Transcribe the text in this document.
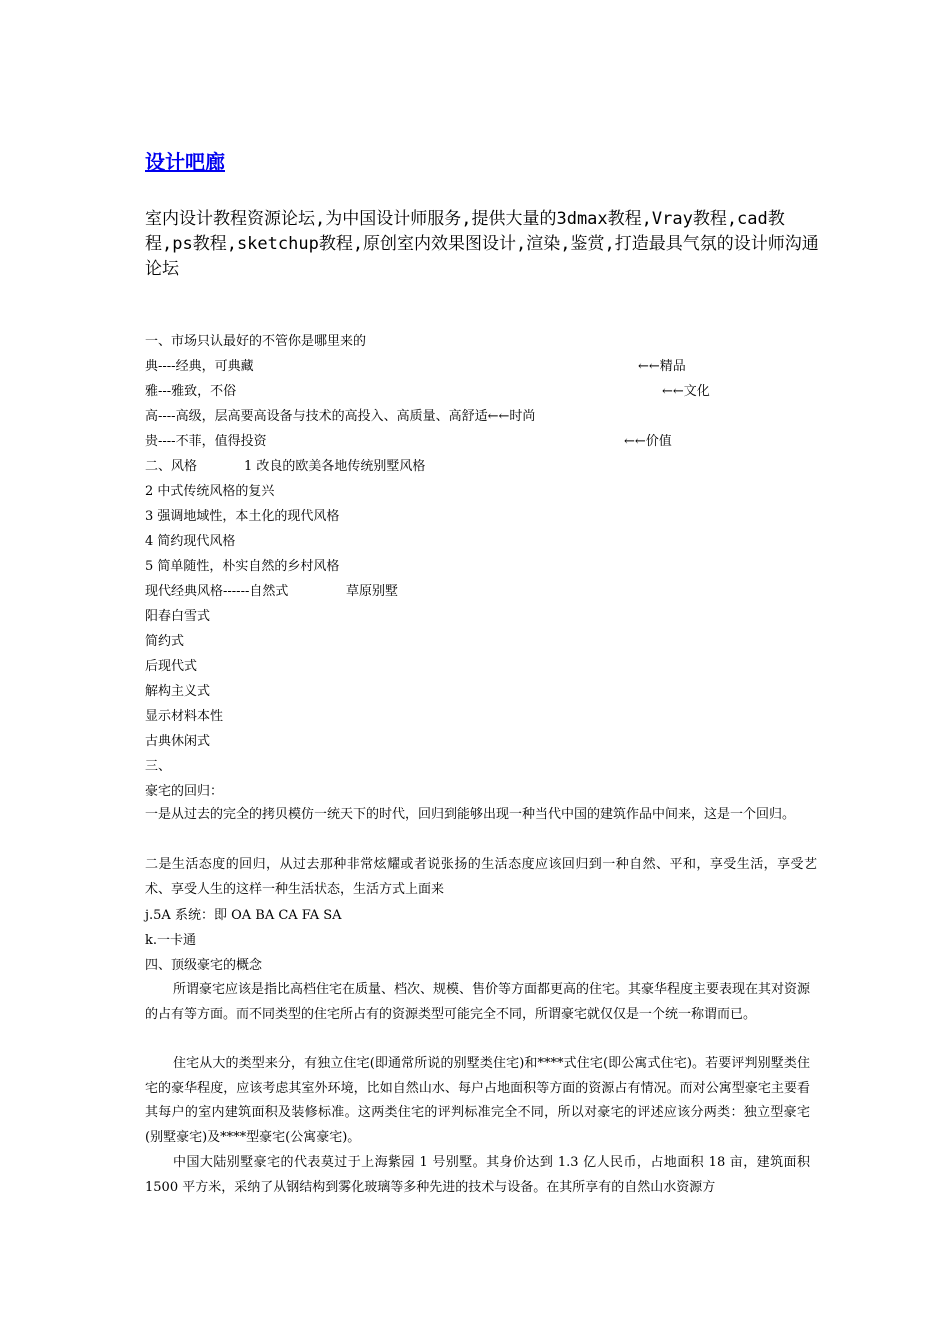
设计吧廊
室内设计教程资源论坛,为中国设计师服务,提供大量的3dmax教程,Vray教程,cad教程,ps教程,sketchup教程,原创室内效果图设计,渲染,鉴赏,打造最具气氛的设计师沟通论坛
一、市场只认最好的不管你是哪里来的
典----经典，可典藏	←←精品
雅---雅致，不俗	←←文化
高----高级，层高要高设备与技术的高投入、高质量、高舒适←←时尚
贵----不菲，值得投资	←←价值
二、风格	1 改良的欧美各地传统别墅风格
2 中式传统风格的复兴
3 强调地域性，本土化的现代风格
4 简约现代风格
5 简单随性，朴实自然的乡村风格
现代经典风格------自然式	草原别墅
阳春白雪式
简约式
后现代式
解构主义式
显示材料本性
古典休闲式
三、
豪宅的回归：
一是从过去的完全的拷贝模仿一统天下的时代，回归到能够出现一种当代中国的建筑作品中间来，这是一个回归。
二是生活态度的回归，从过去那种非常炫耀或者说张扬的生活态度应该回归到一种自然、平和，享受生活，享受艺术、享受人生的这样一种生活状态，生活方式上面来
j.5A 系统：即 OA BA CA FA SA
k.一卡通
四、顶级豪宅的概念
所谓豪宅应该是指比高档住宅在质量、档次、规模、售价等方面都更高的住宅。其豪华程度主要表现在其对资源的占有等方面。而不同类型的住宅所占有的资源类型可能完全不同，所谓豪宅就仅仅是一个统一称谓而已。
住宅从大的类型来分，有独立住宅(即通常所说的别墅类住宅)和****式住宅(即公寓式住宅)。若要评判别墅类住宅的豪华程度，应该考虑其室外环境，比如自然山水、每户占地面积等方面的资源占有情况。而对公寓型豪宅主要看其每户的室内建筑面积及装修标准。这两类住宅的评判标准完全不同，所以对豪宅的评述应该分两类：独立型豪宅(别墅豪宅)及****型豪宅(公寓豪宅)。
中国大陆别墅豪宅的代表莫过于上海紫园 1 号别墅。其身价达到 1.3 亿人民币，占地面积 18 亩，建筑面积 1500 平方米，采纳了从钢结构到雾化玻璃等多种先进的技术与设备。在其所享有的自然山水资源方
